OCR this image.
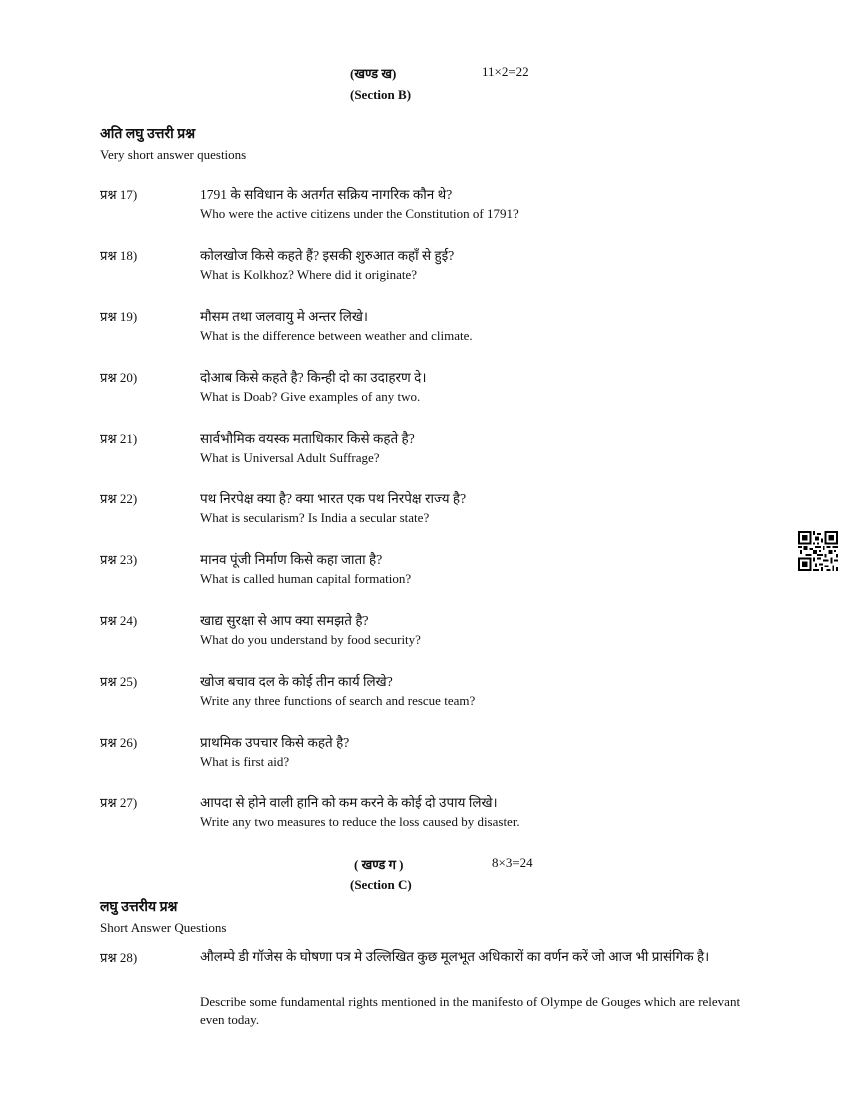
(खण्ड ख)	11×2=22
(Section B)
अति लघु उत्तरी प्रश्न
Very short answer questions
प्रश्न 17)	1791 के सविधान के अतर्गत सक्रिय नागरिक कौन थे?
Who were the active citizens under the Constitution of 1791?
प्रश्न 18)	कोलखोज किसे कहते हैं? इसकी शुरुआत कहाँ से हुई?
What is Kolkhoz? Where did it originate?
प्रश्न 19)	मौसम तथा जलवायु मे अन्तर लिखे।
What is the difference between weather and climate.
प्रश्न 20)	दोआब किसे कहते है? किन्ही दो का उदाहरण दे।
What is Doab? Give examples of any two.
प्रश्न 21)	सार्वभौमिक वयस्क मताधिकार किसे कहते है?
What is Universal Adult Suffrage?
प्रश्न 22)	पथ निरपेक्ष क्या है? क्या भारत एक पथ निरपेक्ष राज्य है?
What is secularism? Is India a secular state?
प्रश्न 23)	मानव पूंजी निर्माण किसे कहा जाता है?
What is called human capital formation?
प्रश्न 24)	खाद्य सुरक्षा से आप क्या समझते है?
What do you understand by food security?
प्रश्न 25)	खोज बचाव दल के कोई तीन कार्य लिखे?
Write any three functions of search and rescue team?
प्रश्न 26)	प्राथमिक उपचार किसे कहते है?
What is first aid?
प्रश्न 27)	आपदा से होने वाली हानि को कम करने के कोई दो उपाय लिखे।
Write any two measures to reduce the loss caused by disaster.
( खण्ड ग )	8×3=24
(Section C)
लघु उत्तरीय प्रश्न
Short Answer Questions
प्रश्न 28)	औलम्पे डी गॉजेस के घोषणा पत्र मे उल्लिखित कुछ मूलभूत अधिकारों का वर्णन करें जो आज भी प्रासंगिक है।
Describe some fundamental rights mentioned in the manifesto of Olympe de Gouges which are relevant even today.
